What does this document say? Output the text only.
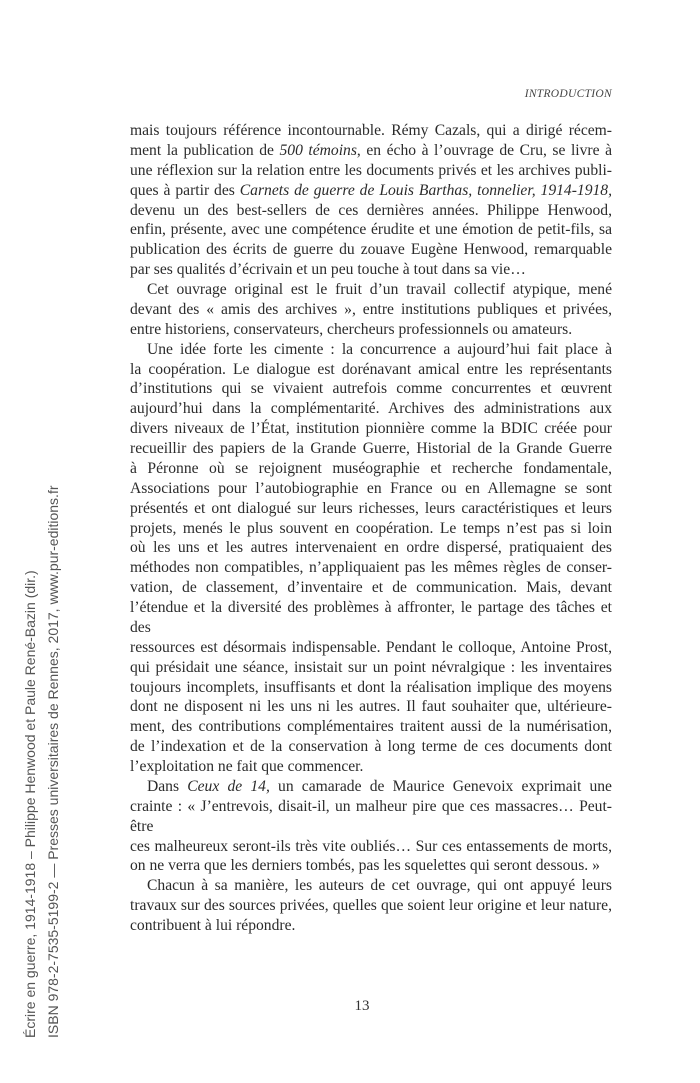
INTRODUCTION
mais toujours référence incontournable. Rémy Cazals, qui a dirigé récem-
ment la publication de 500 témoins, en écho à l’ouvrage de Cru, se livre à
une réflexion sur la relation entre les documents privés et les archives publi-
ques à partir des Carnets de guerre de Louis Barthas, tonnelier, 1914-1918,
devenu un des best-sellers de ces dernières années. Philippe Henwood,
enfin, présente, avec une compétence érudite et une émotion de petit-fils, sa
publication des écrits de guerre du zouave Eugène Henwood, remarquable
par ses qualités d’écrivain et un peu touche à tout dans sa vie…
Cet ouvrage original est le fruit d’un travail collectif atypique, mené
devant des « amis des archives », entre institutions publiques et privées,
entre historiens, conservateurs, chercheurs professionnels ou amateurs.
Une idée forte les cimente : la concurrence a aujourd’hui fait place à
la coopération. Le dialogue est dorénavant amical entre les représentants
d’institutions qui se vivaient autrefois comme concurrentes et œuvrent
aujourd’hui dans la complémentarité. Archives des administrations aux
divers niveaux de l’État, institution pionnière comme la BDIC créée pour
recueillir des papiers de la Grande Guerre, Historial de la Grande Guerre
à Péronne où se rejoignent muséographie et recherche fondamentale,
Associations pour l’autobiographie en France ou en Allemagne se sont
présentés et ont dialogué sur leurs richesses, leurs caractéristiques et leurs
projets, menés le plus souvent en coopération. Le temps n’est pas si loin
où les uns et les autres intervenaient en ordre dispersé, pratiquaient des
méthodes non compatibles, n’appliquaient pas les mêmes règles de conser-
vation, de classement, d’inventaire et de communication. Mais, devant
l’étendue et la diversité des problèmes à affronter, le partage des tâches et des
ressources est désormais indispensable. Pendant le colloque, Antoine Prost,
qui présidait une séance, insistait sur un point névralgique : les inventaires
toujours incomplets, insuffisants et dont la réalisation implique des moyens
dont ne disposent ni les uns ni les autres. Il faut souhaiter que, ultérieure-
ment, des contributions complémentaires traitent aussi de la numérisation,
de l’indexation et de la conservation à long terme de ces documents dont
l’exploitation ne fait que commencer.
Dans Ceux de 14, un camarade de Maurice Genevoix exprimait une
crainte : « J’entrevois, disait-il, un malheur pire que ces massacres… Peut-être
ces malheureux seront-ils très vite oubliés… Sur ces entassements de morts,
on ne verra que les derniers tombés, pas les squelettes qui seront dessous. »
Chacun à sa manière, les auteurs de cet ouvrage, qui ont appuyé leurs
travaux sur des sources privées, quelles que soient leur origine et leur nature,
contribuent à lui répondre.
13
Écrire en guerre, 1914-1918 – Philippe Henwood et Paule René-Bazin (dir.) ISBN 978-2-7535-5199-2 — Presses universitaires de Rennes, 2017, www.pur-editions.fr
